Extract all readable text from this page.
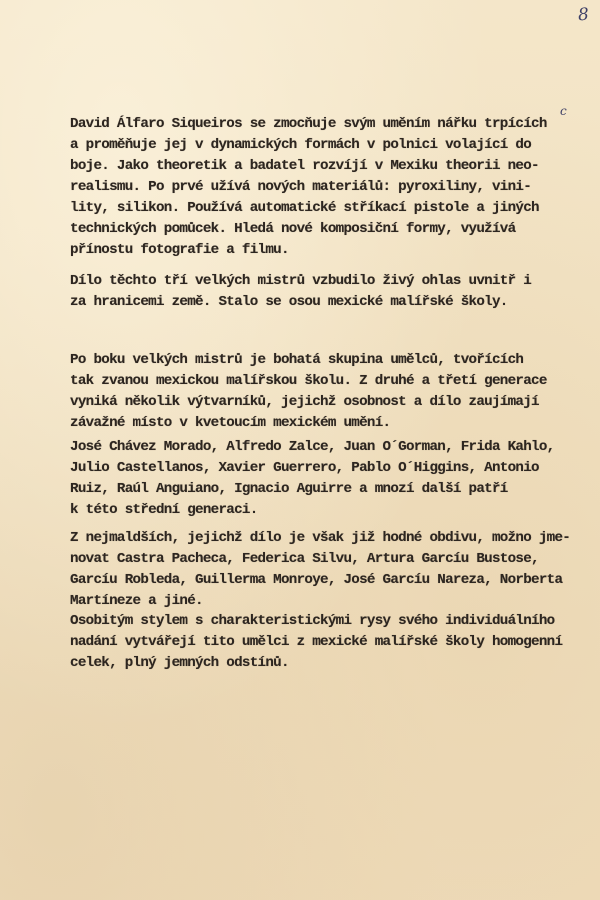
8
c
David Álfaro Siqueiros se zmocňuje svým uměním nářku trpících
a proměňuje jej v dynamických formách v polnici volající do
boje. Jako theoretik a badatel rozvíjí v Mexiku theorii neo-
realismu. Po prvé užívá nových materiálů: pyroxiliny, vini-
lity, silikon. Používá automatické stříkací pistole a jiných
technických pomůcek. Hledá nové komposiční formy, využívá
přínostu fotografie a filmu.
Dílo těchto tří velkých mistrů vzbudilo živý ohlas uvnitř i
za hranicemi země. Stalo se osou mexické malířské školy.
Po boku velkých mistrů je bohatá skupina umělců, tvořících
tak zvanou mexickou malířskou školu. Z druhé a třetí generace
vyniká několik výtvarníků, jejichž osobnost a dílo zaujímají
závažné místo v kvetoucím mexickém umění.
José Chávez Morado, Alfredo Zalce, Juan O´Gorman, Frida Kahlo,
Julio Castellanos, Xavier Guerrero, Pablo O´Higgins, Antonio
Ruiz, Raúl Anguiano, Ignacio Aguirre a mnozí další patří
k této střední generaci.
Z nejmaldších, jejichž dílo je však již hodné obdivu, možno jme-
novat Castra Pacheca, Federica Silvu, Artura Garcíu Bustose,
Garcíu Robleda, Guillerma Monroye, José Garcíu Nareza, Norberta
Martíneze a jiné.
Osobitým stylem s charakteristickými rysy svého individuálního
nadání vytvářejí tito umělci z mexické malířské školy homogenní
celek, plný jemných odstínů.
